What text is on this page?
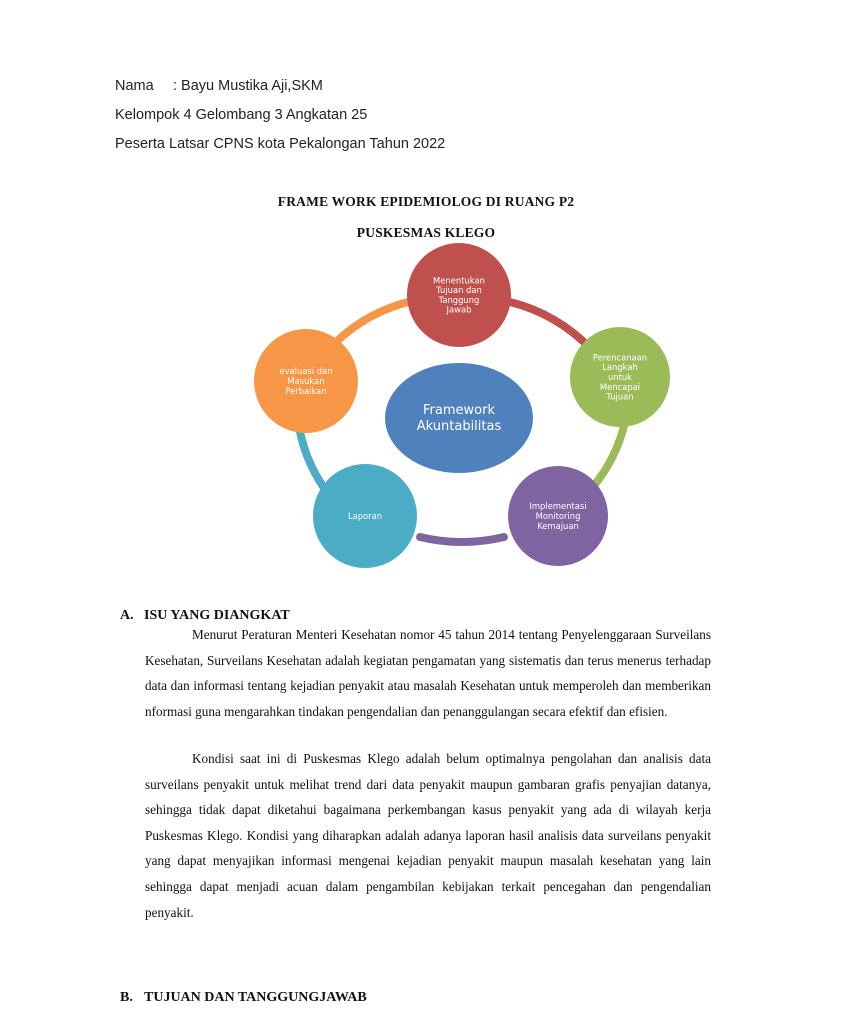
Nama : Bayu Mustika Aji,SKM
Kelompok 4 Gelombang 3 Angkatan 25
Peserta Latsar CPNS kota Pekalongan Tahun 2022
FRAME WORK EPIDEMIOLOG DI RUANG P2
PUSKESMAS KLEGO
Framework
Akuntabilitas
Menentukan
Tujuan dan
Tanggung
Jawab
Perencanaan
Langkah
untuk
Mencapai
Tujuan
Implementasi
Monitoring
Kemajuan
Laporan
evaluasi dan
Masukan
Perbaikan
A. ISU YANG DIANGKAT

Menurut Peraturan Menteri Kesehatan nomor 45 tahun 2014 tentang Penyelenggaraan Surveilans Kesehatan, Surveilans Kesehatan adalah kegiatan pengamatan yang sistematis dan terus menerus terhadap data dan informasi tentang kejadian penyakit atau masalah Kesehatan untuk memperoleh dan memberikan nformasi guna mengarahkan tindakan pengendalian dan penanggulangan secara efektif dan efisien.

Kondisi saat ini di Puskesmas Klego adalah belum optimalnya pengolahan dan analisis data surveilans penyakit untuk melihat trend dari data penyakit maupun gambaran grafis penyajian datanya, sehingga tidak dapat diketahui bagaimana perkembangan kasus penyakit yang ada di wilayah kerja Puskesmas Klego. Kondisi yang diharapkan adalah adanya laporan hasil analisis data surveilans penyakit yang dapat menyajikan informasi mengenai kejadian penyakit maupun masalah kesehatan yang lain sehingga dapat menjadi acuan dalam pengambilan kebijakan terkait pencegahan dan pengendalian penyakit.

B. TUJUAN DAN TANGGUNGJAWAB
